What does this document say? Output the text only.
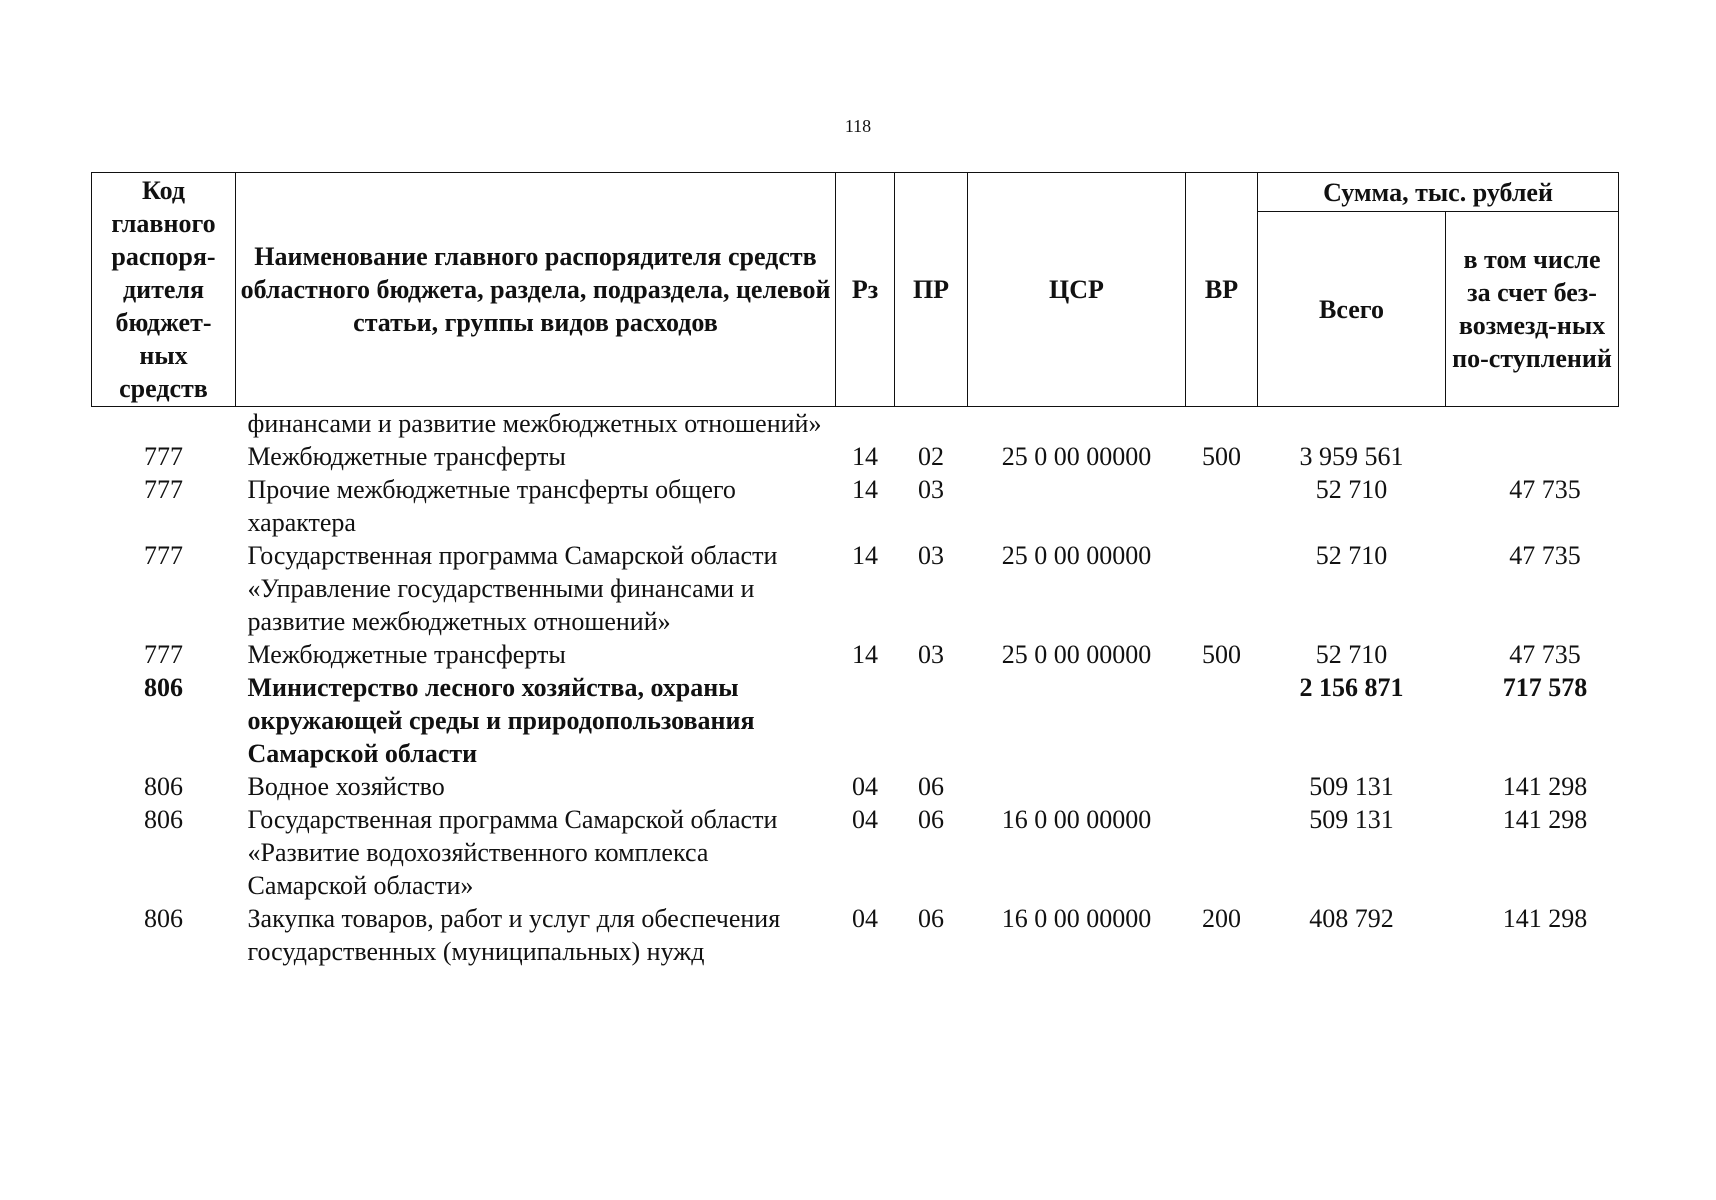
118
Код главного распоря-дителя бюджет-ных средств	Наименование главного распорядителя средств областного бюджета, раздела, подраздела, целевой статьи, группы видов расходов	Рз	ПР	ЦСР	ВР	Сумма, тыс. рублей	
						Всего	в том числе за счет без-возмезд-ных по-ступлений
	финансами и развитие межбюджетных отношений»						
777	Межбюджетные трансферты	14	02	25 0 00 00000	500	3 959 561	
777	Прочие межбюджетные трансферты общего характера	14	03			52 710	47 735
777	Государственная программа Самарской области «Управление государственными финансами и развитие межбюджетных отношений»	14	03	25 0 00 00000		52 710	47 735
777	Межбюджетные трансферты	14	03	25 0 00 00000	500	52 710	47 735
806	Министерство лесного хозяйства, охраны окружающей среды и природопользования Самарской области					2 156 871	717 578
806	Водное хозяйство	04	06			509 131	141 298
806	Государственная программа Самарской области «Развитие водохозяйственного комплекса Самарской области»	04	06	16 0 00 00000		509 131	141 298
806	Закупка товаров, работ и услуг для обеспечения государственных (муниципальных) нужд	04	06	16 0 00 00000	200	408 792	141 298
